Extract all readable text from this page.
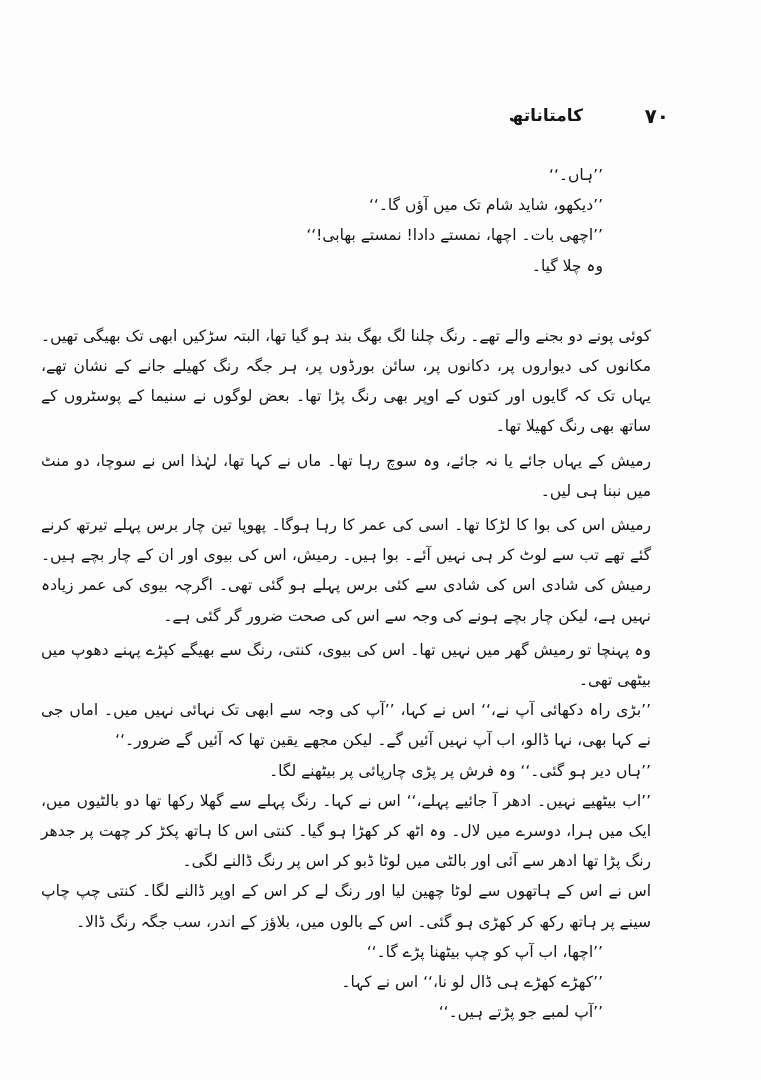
۷۰
کامتاناتھ

’’ہاں۔‘‘

’’دیکھو، شاید شام تک میں آؤں گا۔‘‘

’’اچھی بات۔ اچھا، نمستے دادا! نمستے بھابی!‘‘

وہ چلا گیا۔

کوئی پونے دو بجنے والے تھے۔ رنگ چلنا لگ بھگ بند ہو گیا تھا، البتہ سڑکیں ابھی تک بھیگی تھیں۔ مکانوں کی دیواروں پر، دکانوں پر، سائن بورڈوں پر، ہر جگہ رنگ کھیلے جانے کے نشان تھے، یہاں تک کہ گایوں اور کتوں کے اوپر بھی رنگ پڑا تھا۔ بعض لوگوں نے سنیما کے پوسٹروں کے ساتھ بھی رنگ کھیلا تھا۔

رمیش کے یہاں جائے یا نہ جائے، وہ سوچ رہا تھا۔ ماں نے کہا تھا، لہٰذا اس نے سوچا، دو منٹ میں نبنا ہی لیں۔

رمیش اس کی بوا کا لڑکا تھا۔ اسی کی عمر کا رہا ہوگا۔ پھوپا تین چار برس پہلے تیرتھ کرنے گئے تھے تب سے لوٹ کر ہی نہیں آئے۔ بوا ہیں۔ رمیش، اس کی بیوی اور ان کے چار بچے ہیں۔ رمیش کی شادی اس کی شادی سے کئی برس پہلے ہو گئی تھی۔ اگرچہ بیوی کی عمر زیادہ نہیں ہے، لیکن چار بچے ہونے کی وجہ سے اس کی صحت ضرور گر گئی ہے۔

وہ پہنچا تو رمیش گھر میں نہیں تھا۔ اس کی بیوی، کنتی، رنگ سے بھیگے کپڑے پہنے دھوپ میں بیٹھی تھی۔

’’بڑی راہ دکھائی آپ نے،‘‘ اس نے کہا، ’’آپ کی وجہ سے ابھی تک نہائی نہیں میں۔ اماں جی نے کہا بھی، نہا ڈالو، اب آپ نہیں آئیں گے۔ لیکن مجھے یقین تھا کہ آئیں گے ضرور۔‘‘

’’ہاں دیر ہو گئی۔‘‘ وہ فرش پر پڑی چارپائی پر بیٹھنے لگا۔

’’اب بیٹھیے نہیں۔ ادھر آ جائیے پہلے،‘‘ اس نے کہا۔ رنگ پہلے سے گھلا رکھا تھا دو بالٹیوں میں، ایک میں ہرا، دوسرے میں لال۔ وہ اٹھ کر کھڑا ہو گیا۔ کنتی اس کا ہاتھ پکڑ کر چھت پر جدھر رنگ پڑا تھا ادھر سے آئی اور بالٹی میں لوٹا ڈبو کر اس پر رنگ ڈالنے لگی۔

اس نے اس کے ہاتھوں سے لوٹا چھین لیا اور رنگ لے کر اس کے اوپر ڈالنے لگا۔ کنتی چپ چاپ سینے پر ہاتھ رکھ کر کھڑی ہو گئی۔ اس کے بالوں میں، بلاؤز کے اندر، سب جگہ رنگ ڈالا۔

’’اچھا، اب آپ کو چپ بیٹھنا پڑے گا۔‘‘

’’کھڑے کھڑے ہی ڈال لو نا،‘‘ اس نے کہا۔

’’آپ لمبے جو پڑتے ہیں۔‘‘
